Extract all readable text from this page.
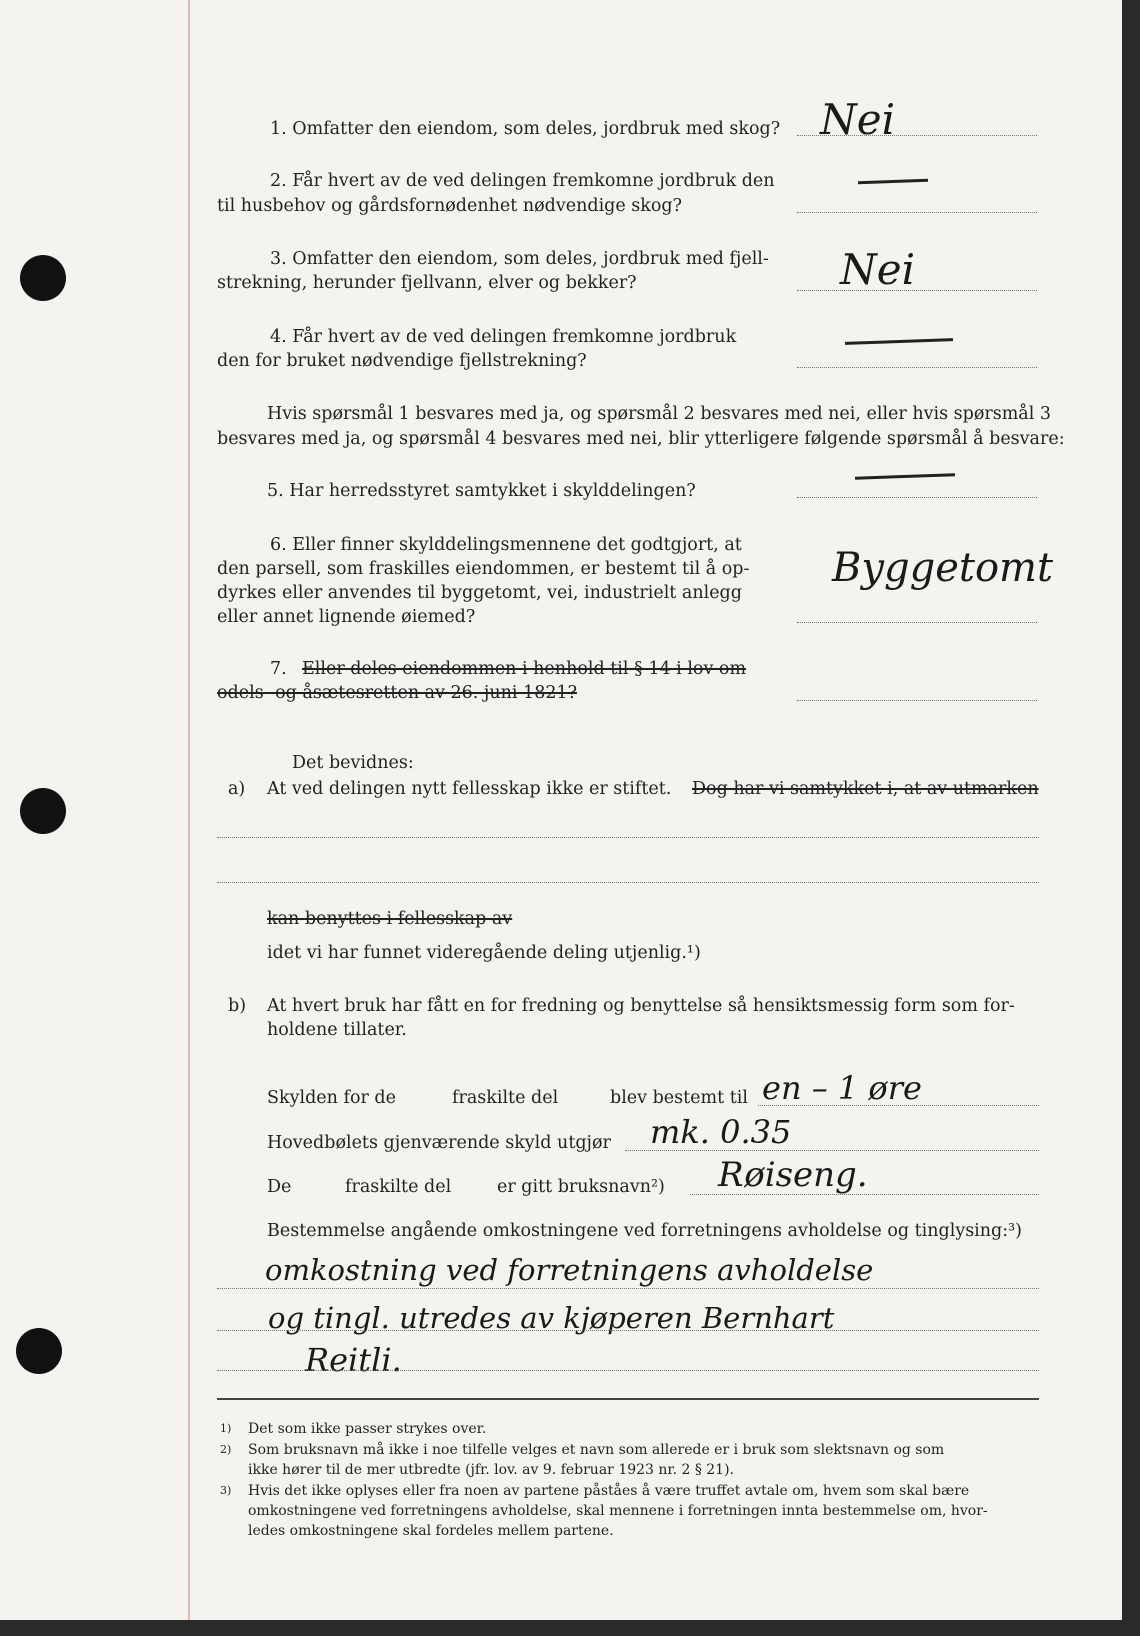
1. Omfatter den eiendom, som deles, jordbruk med skog? Nei
2. Får hvert av de ved delingen fremkomne jordbruk den
til husbehov og gårdsfornødenhet nødvendige skog?
3. Omfatter den eiendom, som deles, jordbruk med fjell-
strekning, herunder fjellvann, elver og bekker?	Nei
4. Får hvert av de ved delingen fremkomne jordbruk
den for bruket nødvendige fjellstrekning?
Hvis spørsmål 1 besvares med ja, og spørsmål 2 besvares med nei, eller hvis spørsmål 3
besvares med ja, og spørsmål 4 besvares med nei, blir ytterligere følgende spørsmål å besvare:
5. Har herredsstyret samtykket i skylddelingen?
6. Eller finner skylddelingsmennene det godtgjort, at
den parsell, som fraskilles eiendommen, er bestemt til å op-
dyrkes eller anvendes til byggetomt, vei, industrielt anlegg
eller annet lignende øiemed?
Byggetomt
7. Eller deles eiendommen i henhold til § 14 i lov om
odels- og åsætesretten av 26. juni 1821?
Det bevidnes:
a) At ved delingen nytt fellesskap ikke er stiftet. Dog har vi samtykket i, at av utmarken
kan benyttes i fellesskap av
idet vi har funnet videregående deling utjenlig.¹)
b) At hvert bruk har fått en for fredning og benyttelse så hensiktsmessig form som for-
holdene tillater.
Skylden for de	fraskilte del	blev bestemt til en – 1 øre
Hovedbølets gjenværende skyld utgjør mk. 0.35
De	fraskilte del	er gitt bruksnavn²) Røiseng.
Bestemmelse angående omkostningene ved forretningens avholdelse og tinglysing:³)
omkostning ved forretningens avholdelse
og tingl. utredes av kjøperen Bernhart
Reitli.
1) Det som ikke passer strykes over.
2) Som bruksnavn må ikke i noe tilfelle velges et navn som allerede er i bruk som slektsnavn og som
ikke hører til de mer utbredte (jfr. lov. av 9. februar 1923 nr. 2 § 21).
3) Hvis det ikke oplyses eller fra noen av partene påståes å være truffet avtale om, hvem som skal bære
omkostningene ved forretningens avholdelse, skal mennene i forretningen innta bestemmelse om, hvor-
ledes omkostningene skal fordeles mellem partene.
